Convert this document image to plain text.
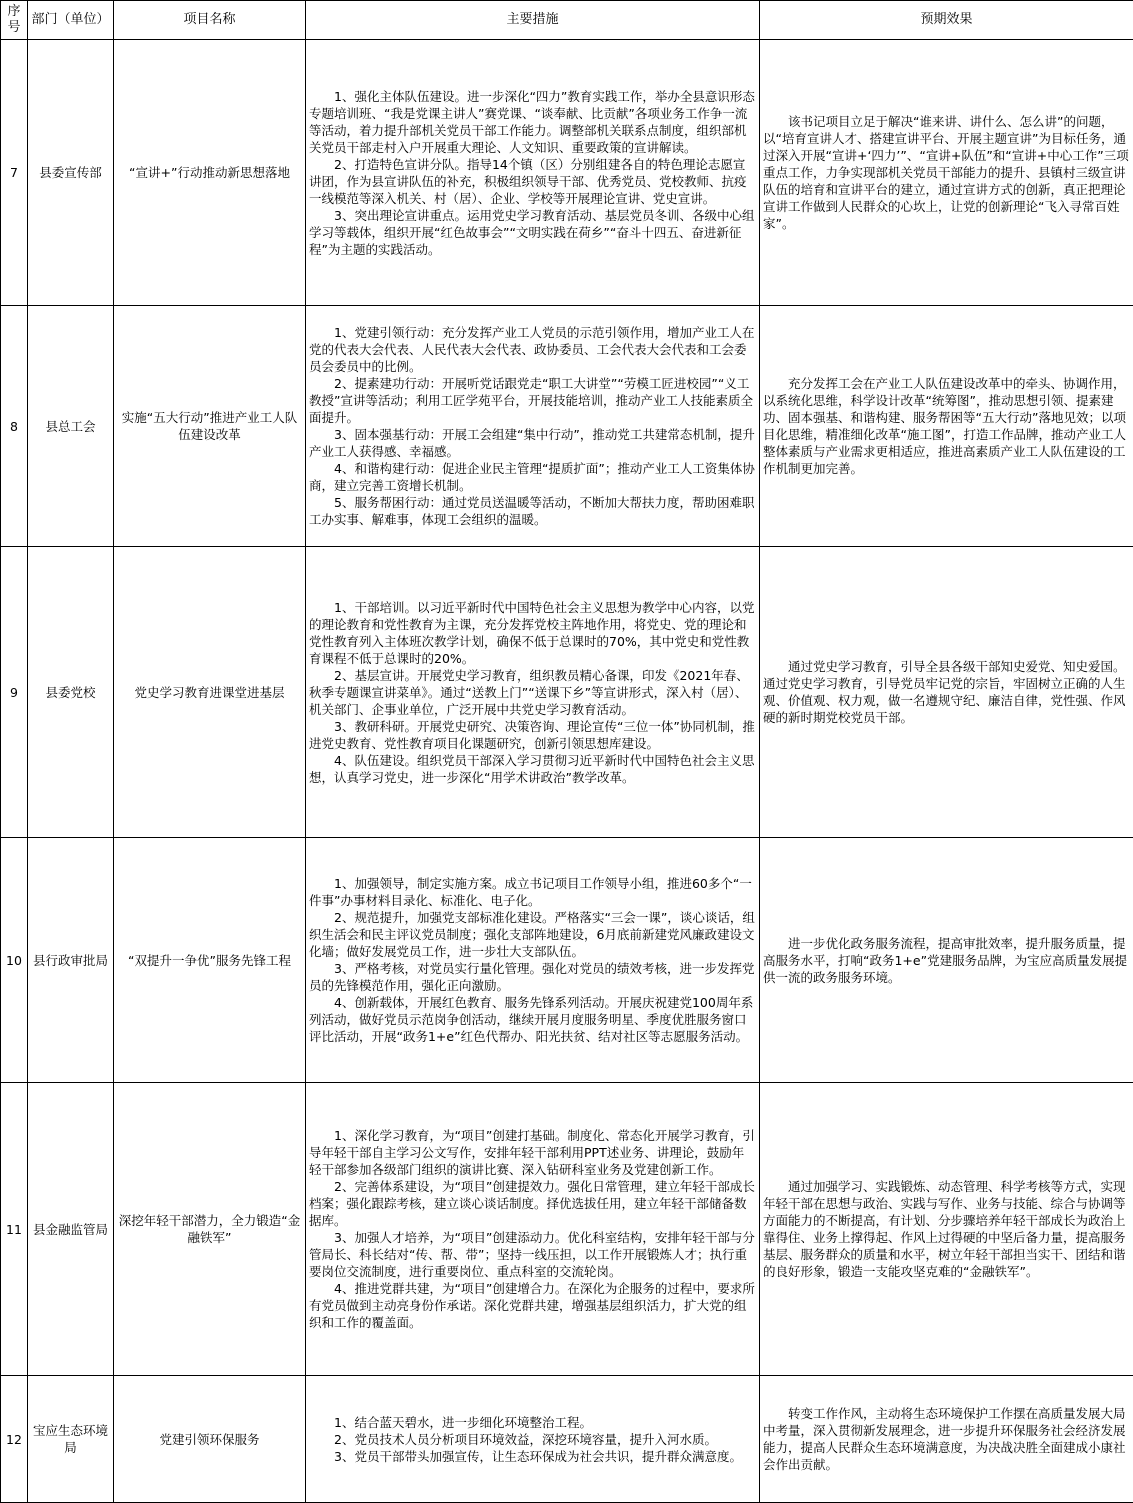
序号	部门（单位）	项目名称	主要措施	预期效果
7	县委宣传部	“宣讲+”行动推动新思想落地	1、强化主体队伍建设。进一步深化“四力”教育实践工作，举办全县意识形态专题培训班、“我是党课主讲人”赛党课、“谈奉献、比贡献”各项业务工作争一流等活动，着力提升部机关党员干部工作能力。调整部机关联系点制度，组织部机关党员干部走村入户开展重大理论、人文知识、重要政策的宣讲解读。

2、打造特色宣讲分队。指导14个镇（区）分别组建各自的特色理论志愿宣讲团，作为县宣讲队伍的补充，积极组织领导干部、优秀党员、党校教师、抗疫一线模范等深入机关、村（居）、企业、学校等开展理论宣讲、党史宣讲。

3、突出理论宣讲重点。运用党史学习教育活动、基层党员冬训、各级中心组学习等载体，组织开展“红色故事会”“文明实践在荷乡”“奋斗十四五、奋进新征程”为主题的实践活动。	该书记项目立足于解决“谁来讲、讲什么、怎么讲”的问题，以“培育宣讲人才、搭建宣讲平台、开展主题宣讲”为目标任务，通过深入开展“宣讲+‘四力’”、“宣讲+队伍”和“宣讲+中心工作”三项重点工作，力争实现部机关党员干部能力的提升、县镇村三级宣讲队伍的培育和宣讲平台的建立，通过宣讲方式的创新，真正把理论宣讲工作做到人民群众的心坎上，让党的创新理论“飞入寻常百姓家”。

8	县总工会	实施“五大行动”推进产业工人队伍建设改革	1、党建引领行动：充分发挥产业工人党员的示范引领作用，增加产业工人在党的代表大会代表、人民代表大会代表、政协委员、工会代表大会代表和工会委员会委员中的比例。

2、提素建功行动：开展听党话跟党走“职工大讲堂”“劳模工匠进校园”“义工教授”宣讲等活动；利用工匠学苑平台，开展技能培训，推动产业工人技能素质全面提升。

3、固本强基行动：开展工会组建“集中行动”，推动党工共建常态机制，提升产业工人获得感、幸福感。

4、和谐构建行动：促进企业民主管理“提质扩面”；推动产业工人工资集体协商，建立完善工资增长机制。

5、服务帮困行动：通过党员送温暖等活动，不断加大帮扶力度，帮助困难职工办实事、解难事，体现工会组织的温暖。	充分发挥工会在产业工人队伍建设改革中的牵头、协调作用，以系统化思维，科学设计改革“统筹图”，推动思想引领、提素建功、固本强基、和谐构建、服务帮困等“五大行动”落地见效；以项目化思维，精准细化改革“施工图”，打造工作品牌，推动产业工人整体素质与产业需求更相适应，推进高素质产业工人队伍建设的工作机制更加完善。

9	县委党校	党史学习教育进课堂进基层	1、干部培训。以习近平新时代中国特色社会主义思想为教学中心内容，以党的理论教育和党性教育为主课，充分发挥党校主阵地作用，将党史、党的理论和党性教育列入主体班次教学计划，确保不低于总课时的70%，其中党史和党性教育课程不低于总课时的20%。

2、基层宣讲。开展党史学习教育，组织教员精心备课，印发《2021年春、秋季专题课宣讲菜单》。通过“送教上门”“送课下乡”等宣讲形式，深入村（居）、机关部门、企事业单位，广泛开展中共党史学习教育活动。

3、教研科研。开展党史研究、决策咨询、理论宣传“三位一体”协同机制，推进党史教育、党性教育项目化课题研究，创新引领思想库建设。

4、队伍建设。组织党员干部深入学习贯彻习近平新时代中国特色社会主义思想，认真学习党史，进一步深化“用学术讲政治”教学改革。	通过党史学习教育，引导全县各级干部知史爱党、知史爱国。通过党史学习教育，引导党员牢记党的宗旨，牢固树立正确的人生观、价值观、权力观，做一名遵规守纪、廉洁自律，党性强、作风硬的新时期党校党员干部。

10	县行政审批局	“双提升一争优”服务先锋工程	1、加强领导，制定实施方案。成立书记项目工作领导小组，推进60多个“一件事”办事材料目录化、标准化、电子化。

2、规范提升，加强党支部标准化建设。严格落实“三会一课”，谈心谈话，组织生活会和民主评议党员制度；强化支部阵地建设，6月底前新建党风廉政建设文化墙；做好发展党员工作，进一步壮大支部队伍。

3、严格考核，对党员实行量化管理。强化对党员的绩效考核，进一步发挥党员的先锋模范作用，强化正向激励。

4、创新载体，开展红色教育、服务先锋系列活动。开展庆祝建党100周年系列活动，做好党员示范岗争创活动，继续开展月度服务明星、季度优胜服务窗口评比活动，开展“政务1+e”红色代帮办、阳光扶贫、结对社区等志愿服务活动。	进一步优化政务服务流程，提高审批效率，提升服务质量，提高服务水平，打响“政务1+e”党建服务品牌，为宝应高质量发展提供一流的政务服务环境。

11	县金融监管局	深挖年轻干部潜力，全力锻造“金融铁军”	1、深化学习教育，为“项目”创建打基础。制度化、常态化开展学习教育，引导年轻干部自主学习公文写作，安排年轻干部利用PPT述业务、讲理论，鼓励年轻干部参加各级部门组织的演讲比赛、深入钻研科室业务及党建创新工作。

2、完善体系建设，为“项目”创建提效力。强化日常管理，建立年轻干部成长档案；强化跟踪考核，建立谈心谈话制度。择优选拔任用，建立年轻干部储备数据库。

3、加强人才培养，为“项目”创建添动力。优化科室结构，安排年轻干部与分管局长、科长结对“传、帮、带”；坚持一线压担，以工作开展锻炼人才；执行重要岗位交流制度，进行重要岗位、重点科室的交流轮岗。

4、推进党群共建，为“项目”创建增合力。在深化为企服务的过程中，要求所有党员做到主动亮身份作承诺。深化党群共建，增强基层组织活力，扩大党的组织和工作的覆盖面。	通过加强学习、实践锻炼、动态管理、科学考核等方式，实现年轻干部在思想与政治、实践与写作、业务与技能、综合与协调等方面能力的不断提高，有计划、分步骤培养年轻干部成长为政治上靠得住、业务上撑得起、作风上过得硬的中坚后备力量，提高服务基层、服务群众的质量和水平，树立年轻干部担当实干、团结和谐的良好形象，锻造一支能攻坚克难的“金融铁军”。

12	宝应生态环境局	党建引领环保服务	1、结合蓝天碧水，进一步细化环境整治工程。

2、党员技术人员分析项目环境效益，深挖环境容量，提升入河水质。

3、党员干部带头加强宣传，让生态环保成为社会共识，提升群众满意度。	转变工作作风，主动将生态环境保护工作摆在高质量发展大局中考量，深入贯彻新发展理念，进一步提升环保服务社会经济发展能力，提高人民群众生态环境满意度，为决战决胜全面建成小康社会作出贡献。
